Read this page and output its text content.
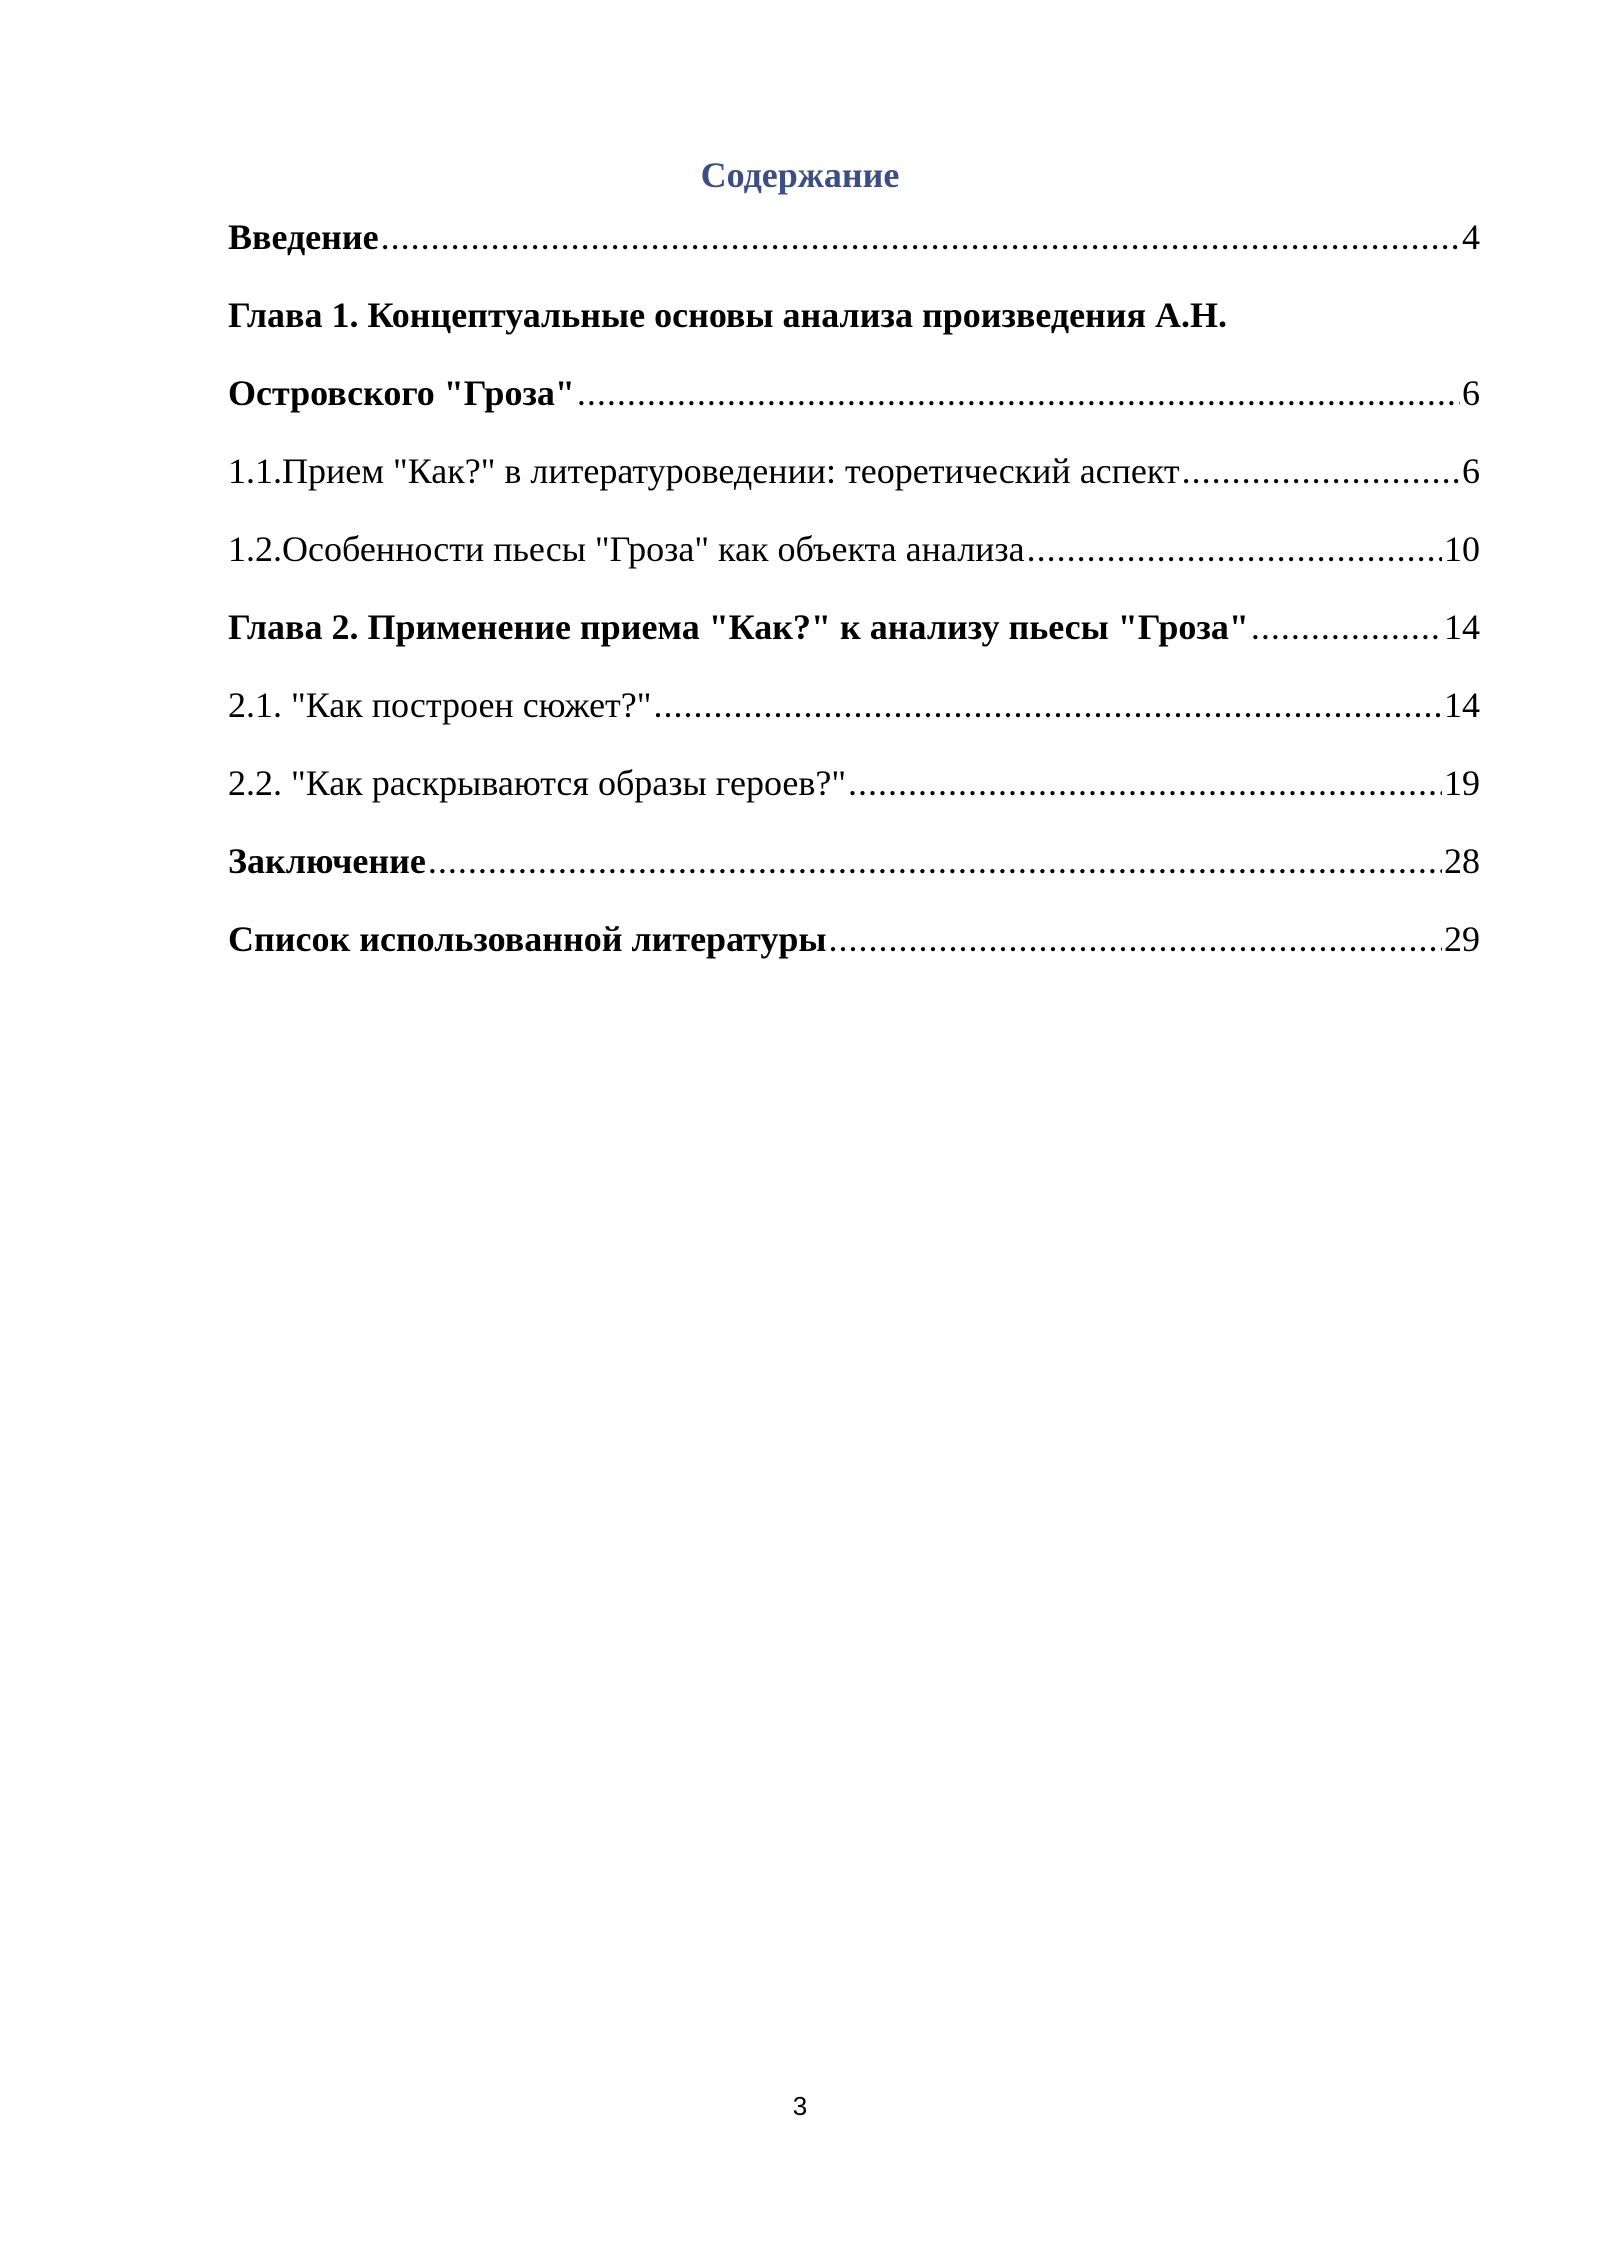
Содержание
Введение .....	4
Глава 1. Концептуальные основы анализа произведения А.Н.
Островского "Гроза" .....	6
1.1.Прием "Как?" в литературоведении: теоретический аспект .....	6
1.2.Особенности пьесы "Гроза" как объекта анализа .....	10
Глава 2. Применение приема "Как?" к анализу пьесы "Гроза" .....	14
2.1. "Как построен сюжет?" .....	14
2.2. "Как раскрываются образы героев?" .....	19
Заключение .....	28
Список использованной литературы .....	29
3
